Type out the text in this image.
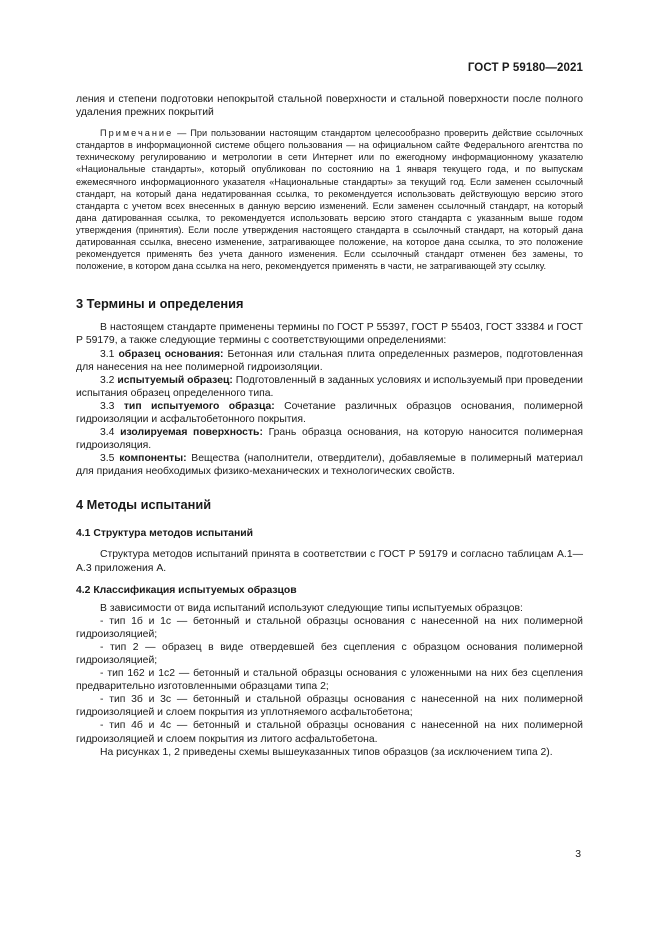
ГОСТ Р 59180—2021

ления и степени подготовки непокрытой стальной поверхности и стальной поверхности после полного удаления прежних покрытий

Примечание — При пользовании настоящим стандартом целесообразно проверить действие ссылочных стандартов в информационной системе общего пользования — на официальном сайте Федерального агентства по техническому регулированию и метрологии в сети Интернет или по ежегодному информационному указателю «Национальные стандарты», который опубликован по состоянию на 1 января текущего года, и по выпускам ежемесячного информационного указателя «Национальные стандарты» за текущий год. Если заменен ссылочный стандарт, на который дана недатированная ссылка, то рекомендуется использовать действующую версию этого стандарта с учетом всех внесенных в данную версию изменений. Если заменен ссылочный стандарт, на который дана датированная ссылка, то рекомендуется использовать версию этого стандарта с указанным выше годом утверждения (принятия). Если после утверждения настоящего стандарта в ссылочный стандарт, на который дана датированная ссылка, внесено изменение, затрагивающее положение, на которое дана ссылка, то это положение рекомендуется применять без учета данного изменения. Если ссылочный стандарт отменен без замены, то положение, в котором дана ссылка на него, рекомендуется применять в части, не затрагивающей эту ссылку.

3 Термины и определения

В настоящем стандарте применены термины по ГОСТ Р 55397, ГОСТ Р 55403, ГОСТ 33384 и ГОСТ Р 59179, а также следующие термины с соответствующими определениями:

3.1 образец основания: Бетонная или стальная плита определенных размеров, подготовленная для нанесения на нее полимерной гидроизоляции.

3.2 испытуемый образец: Подготовленный в заданных условиях и используемый при проведении испытания образец определенного типа.

3.3 тип испытуемого образца: Сочетание различных образцов основания, полимерной гидроизоляции и асфальтобетонного покрытия.

3.4 изолируемая поверхность: Грань образца основания, на которую наносится полимерная гидроизоляция.

3.5 компоненты: Вещества (наполнители, отвердители), добавляемые в полимерный материал для придания необходимых физико-механических и технологических свойств.

4 Методы испытаний
4.1 Структура методов испытаний

Структура методов испытаний принята в соответствии с ГОСТ Р 59179 и согласно таблицам А.1—А.3 приложения А.

4.2 Классификация испытуемых образцов

В зависимости от вида испытаний используют следующие типы испытуемых образцов:

- тип 1б и 1с — бетонный и стальной образцы основания с нанесенной на них полимерной гидроизоляцией;

- тип 2 — образец в виде отвердевшей без сцепления с образцом основания полимерной гидроизоляцией;

- тип 162 и 1с2 — бетонный и стальной образцы основания с уложенными на них без сцепления предварительно изготовленными образцами типа 2;

- тип 3б и 3с — бетонный и стальной образцы основания с нанесенной на них полимерной гидроизоляцией и слоем покрытия из уплотняемого асфальтобетона;

- тип 4б и 4с — бетонный и стальной образцы основания с нанесенной на них полимерной гидроизоляцией и слоем покрытия из литого асфальтобетона.

На рисунках 1, 2 приведены схемы вышеуказанных типов образцов (за исключением типа 2).

3
